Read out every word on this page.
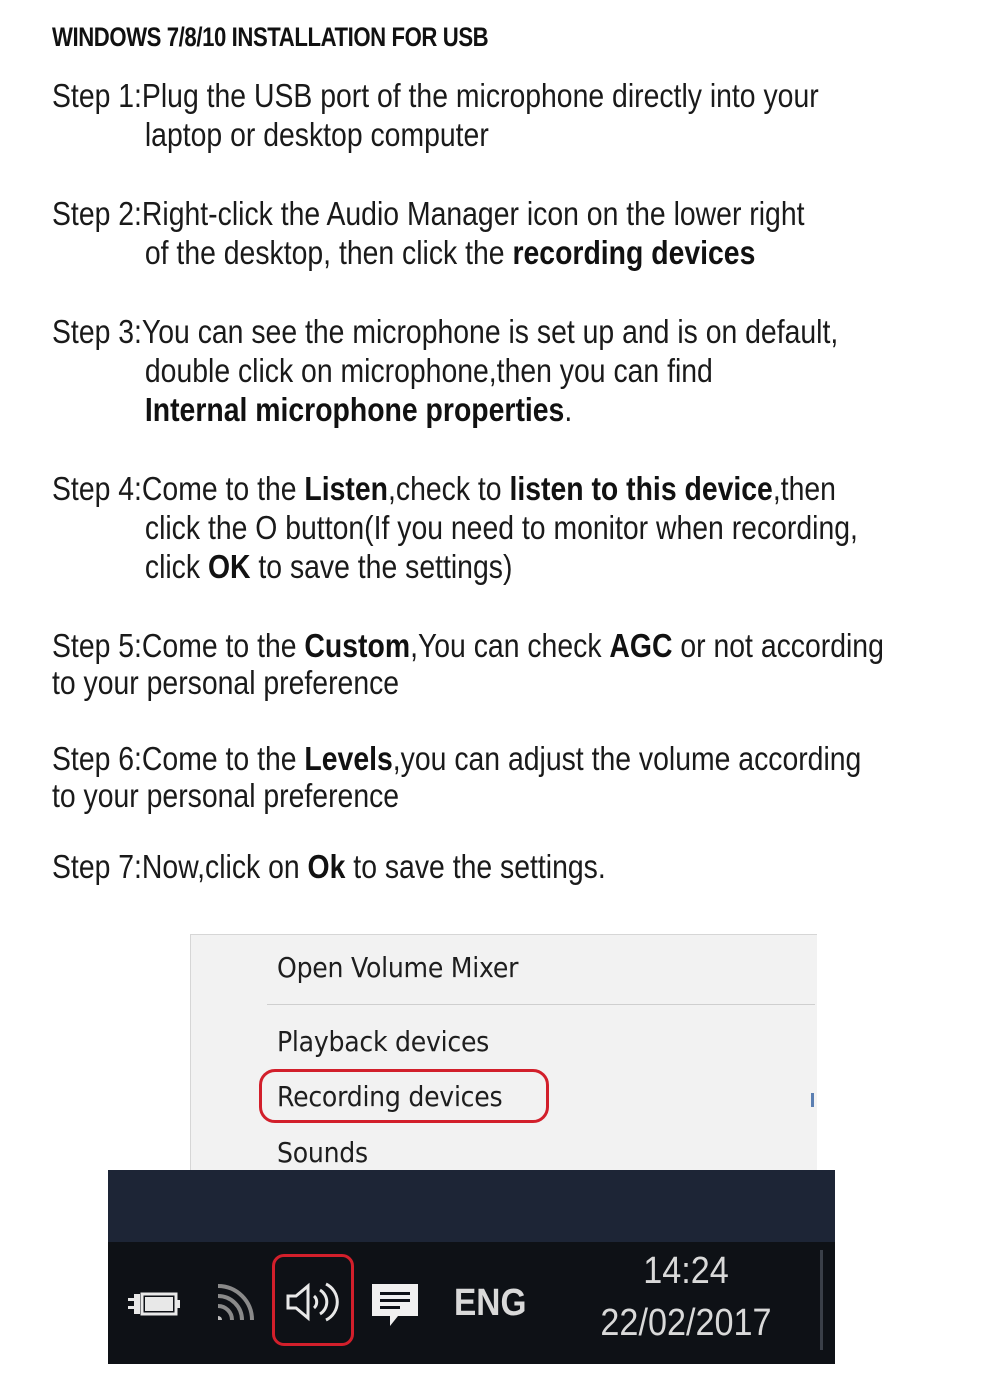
WINDOWS 7/8/10 INSTALLATION FOR USB
Step 1:Plug the USB port of the microphone directly into your
laptop or desktop computer
Step 2:Right-click the Audio Manager icon on the lower right
of the desktop, then click the recording devices
Step 3:You can see the microphone is set up and is on default,
double click on microphone,then you can find
Internal microphone properties.
Step 4:Come to the Listen,check to listen to this device,then
click the O button(If you need to monitor when recording,
click OK to save the settings)
Step 5:Come to the Custom,You can check AGC or not according
to your personal preference
Step 6:Come to the Levels,you can adjust the volume according
to your personal preference
Step 7:Now,click on Ok to save the settings.
Open Volume Mixer
Playback devices
Recording devices
Sounds
ENG
14:24
22/02/2017
